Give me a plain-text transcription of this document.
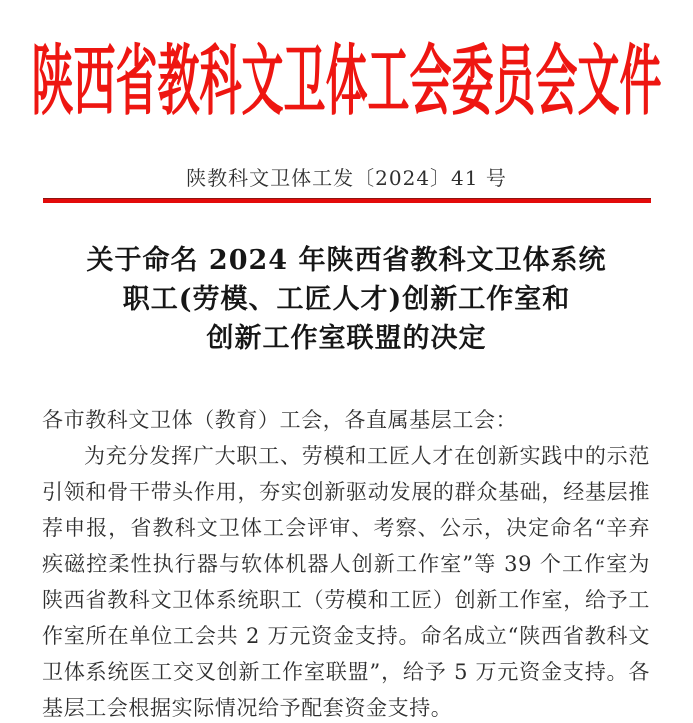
陕西省教科文卫体工会委员会文件
陕教科文卫体工发〔2024〕41 号
关于命名 2024 年陕西省教科文卫体系统
职工(劳模、工匠人才)创新工作室和
创新工作室联盟的决定
各市教科文卫体（教育）工会，各直属基层工会：
为充分发挥广大职工、劳模和工匠人才在创新实践中的示范引领和骨干带头作用，夯实创新驱动发展的群众基础，经基层推荐申报，省教科文卫体工会评审、考察、公示，决定命名“辛弃疾磁控柔性执行器与软体机器人创新工作室”等 39 个工作室为陕西省教科文卫体系统职工（劳模和工匠）创新工作室，给予工作室所在单位工会共 2 万元资金支持。命名成立“陕西省教科文卫体系统医工交叉创新工作室联盟”，给予 5 万元资金支持。各基层工会根据实际情况给予配套资金支持。
